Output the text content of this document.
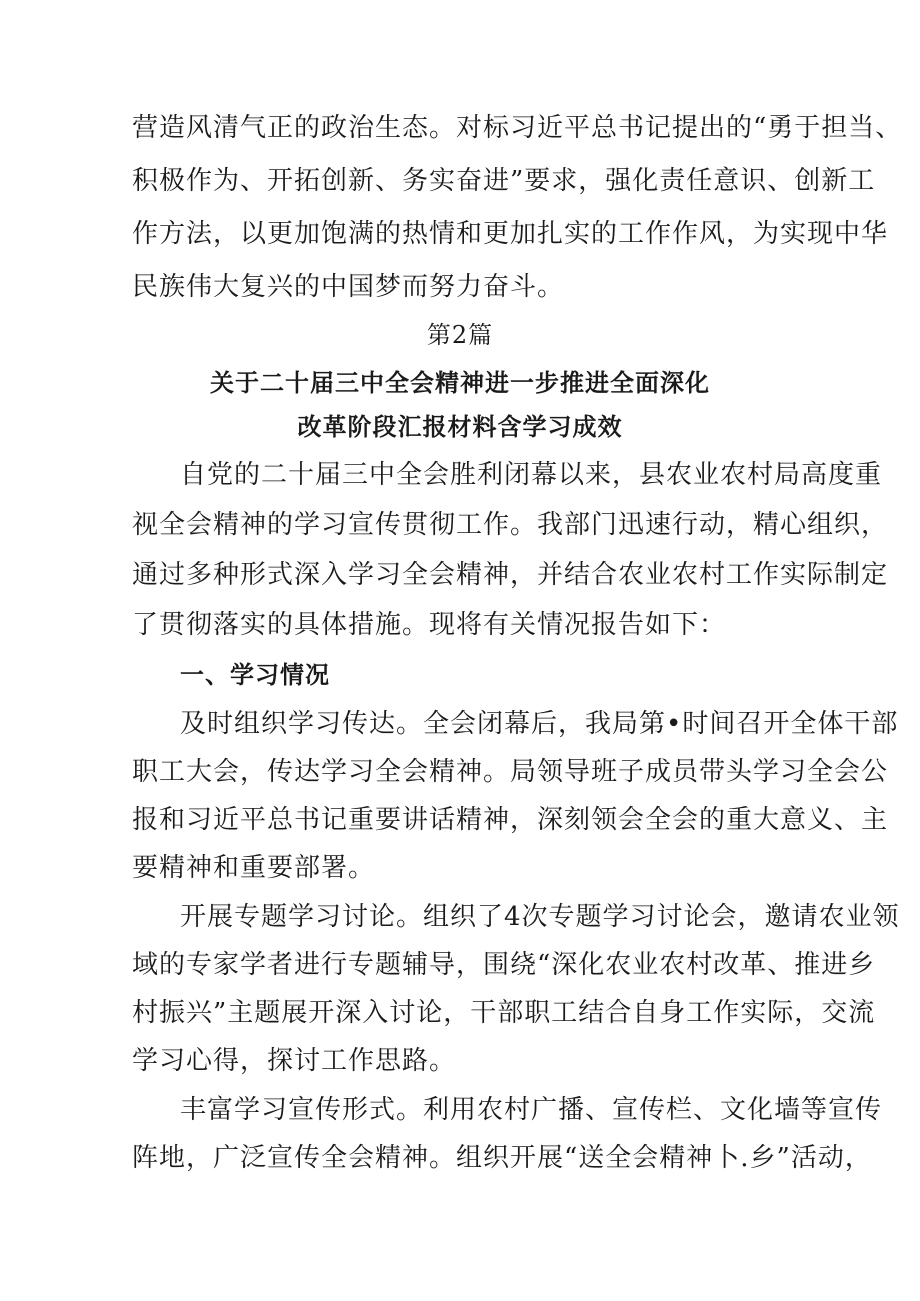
营造风清气正的政治生态。对标习近平总书记提出的“勇于担当、
积极作为、开拓创新、务实奋进”要求，强化责任意识、创新工
作方法，以更加饱满的热情和更加扎实的工作作风，为实现中华
民族伟大复兴的中国梦而努力奋斗。
第2篇
关于二十届三中全会精神进一步推进全面深化
改革阶段汇报材料含学习成效
自党的二十届三中全会胜利闭幕以来，县农业农村局高度重
视全会精神的学习宣传贯彻工作。我部门迅速行动，精心组织，
通过多种形式深入学习全会精神，并结合农业农村工作实际制定
了贯彻落实的具体措施。现将有关情况报告如下：
一、学习情况
及时组织学习传达。全会闭幕后，我局第•时间召开全体干部
职工大会，传达学习全会精神。局领导班子成员带头学习全会公
报和习近平总书记重要讲话精神，深刻领会全会的重大意义、主
要精神和重要部署。
开展专题学习讨论。组织了4次专题学习讨论会，邀请农业领
域的专家学者进行专题辅导，围绕“深化农业农村改革、推进乡
村振兴”主题展开深入讨论，干部职工结合自身工作实际，交流
学习心得，探讨工作思路。
丰富学习宣传形式。利用农村广播、宣传栏、文化墙等宣传
阵地，广泛宣传全会精神。组织开展“送全会精神卜.乡”活动，
